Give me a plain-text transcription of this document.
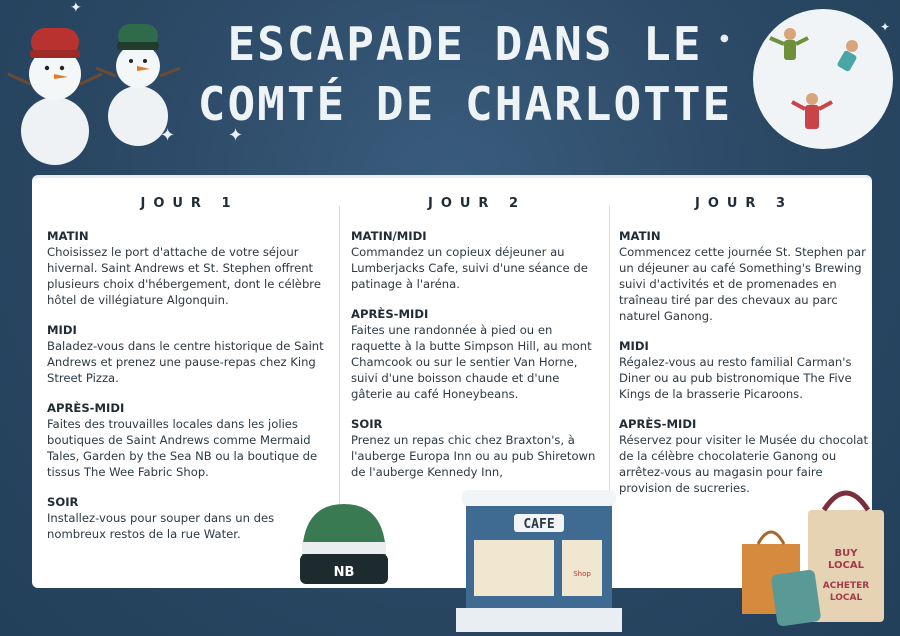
✦
✦	✦
●
✦
ESCAPADE DANS LE
COMTÉ DE CHARLOTTE
JOUR 1
MATIN
Choisissez le port d'attache de votre séjour hivernal. Saint Andrews et St. Stephen offrent plusieurs choix d'hébergement, dont le célèbre hôtel de villégiature Algonquin.
MIDI
Baladez-vous dans le centre historique de Saint Andrews et prenez une pause-repas chez King Street Pizza.
APRÈS-MIDI
Faites des trouvailles locales dans les jolies boutiques de Saint Andrews comme Mermaid Tales, Garden by the Sea NB ou la boutique de tissus The Wee Fabric Shop.
SOIR
Installez-vous pour souper dans un des nombreux restos de la rue Water.
JOUR 2
MATIN/MIDI
Commandez un copieux déjeuner au Lumberjacks Cafe, suivi d'une séance de patinage à l'aréna.
APRÈS-MIDI
Faites une randonnée à pied ou en raquette à la butte Simpson Hill, au mont Chamcook ou sur le sentier Van Horne, suivi d'une boisson chaude et d'une gâterie au café Honeybeans.
SOIR
Prenez un repas chic chez Braxton's, à l'auberge Europa Inn ou au pub Shiretown de l'auberge Kennedy Inn,
JOUR 3
MATIN
Commencez cette journée St. Stephen par un déjeuner au café Something's Brewing suivi d'activités et de promenades en traîneau tiré par des chevaux au parc naturel Ganong.
MIDI
Régalez-vous au resto familial Carman's Diner ou au pub bistronomique The Five Kings de la brasserie Picaroons.
APRÈS-MIDI
Réservez pour visiter le Musée du chocolat de la célèbre chocolaterie Ganong ou arrêtez-vous au magasin pour faire provision de sucreries.
NB
CAFE
Shop
BUY
LOCAL
ACHETER
LOCAL
